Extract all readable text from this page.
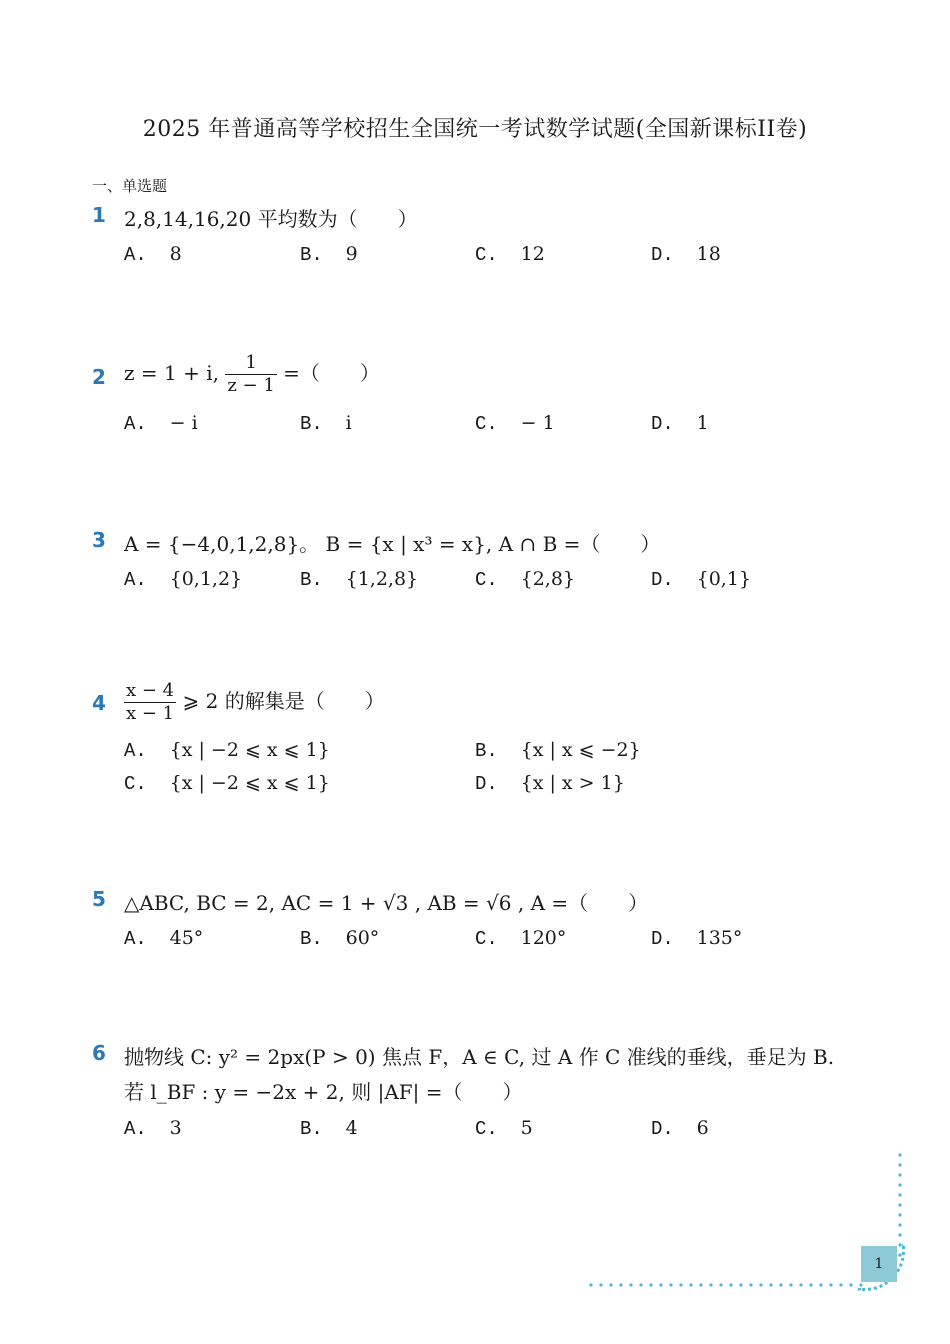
2025 年普通高等学校招生全国统一考试数学试题(全国新课标II卷)
一、单选题
1 2,8,14,16,20 平均数为（　　）
A. 8	B. 9	C. 12	D. 18
2 z = 1 + i, $\frac{1}{z - 1}$ =（　　）
A. − i	B. i	C. − 1	D. 1
3 A = {−4,0,1,2,8}。 B = {x | x³ = x}, A ∩ B =（　　）
A. {0,1,2}	B. {1,2,8}	C. {2,8}	D. {0,1}
$4 \frac{x - 4}{x - 1}$ ⩾ 2 的解集是（　　）
A. {x | −2 ⩽ x ⩽ 1}	B. {x | x ⩽ −2}
C. {x | −2 ⩽ x ⩽ 1}	D. {x | x > 1}
5 △ABC, BC = 2, AC = 1 + √3 , AB = √6 , A =（　　）
A. 45°	B. 60°	C. 120°	D. 135°
6 抛物线 C: y² = 2px(P > 0) 焦点 F，A ∈ C, 过 A 作 C 准线的垂线，垂足为 B.
若 l_BF : y = −2x + 2, 则 |AF| =（　　）
A. 3	B. 4	C. 5	D. 6
1
